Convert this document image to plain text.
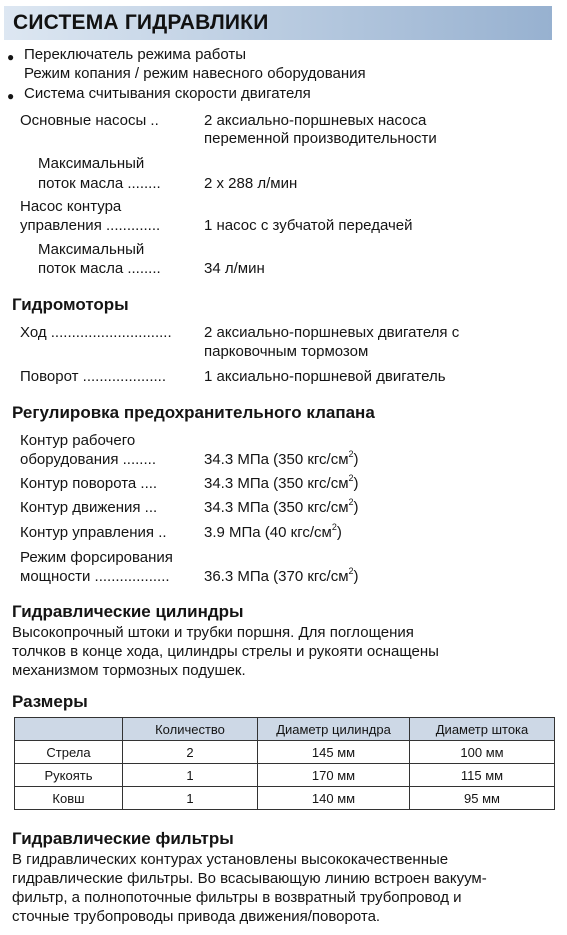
СИСТЕМА ГИДРАВЛИКИ
● Переключатель режима работы
Режим копания / режим навесного оборудования
● Система считывания скорости двигателя
Основные насосы ..	2 аксиально-поршневых насоса
переменной производительности
Максимальный
поток масла ........	2 х 288 л/мин
Насос контура
управления .............	1 насос с зубчатой передачей
Максимальный
поток масла ........	34 л/мин
Гидромоторы
Ход ............................. 2 аксиально-поршневых двигателя с
парковочным тормозом
Поворот ....................	1 аксиально-поршневой двигатель
Регулировка предохранительного клапана
Контур рабочего
оборудования ........	34.3 МПа (350 кгс/$см^2$)
Контур поворота ....	34.3 МПа (350 кгс/$см^2$)
Контур движения ...	34.3 МПа (350 кгс/$см^2$)
Контур управления .. 3.9 МПа (40 кгс/$см^2$)
Режим форсирования
мощности .................. 36.3 МПа (370 кгс/$см^2$)
Гидравлические цилиндры
Высокопрочный штоки и трубки поршня. Для поглощения
толчков в конце хода, цилиндры стрелы и рукояти оснащены
механизмом тормозных подушек.
Размеры
	Количество	Диаметр цилиндра	Диаметр штока
Стрела	2	145 мм	100 мм
Рукоять	1	170 мм	115 мм
Ковш	1	140 мм	95 мм
Гидравлические фильтры
В гидравлических контурах установлены высококачественные
гидравлические фильтры. Во всасывающую линию встроен вакуум-
фильтр, а полнопоточные фильтры в возвратный трубопровод и
сточные трубопроводы привода движения/поворота.
